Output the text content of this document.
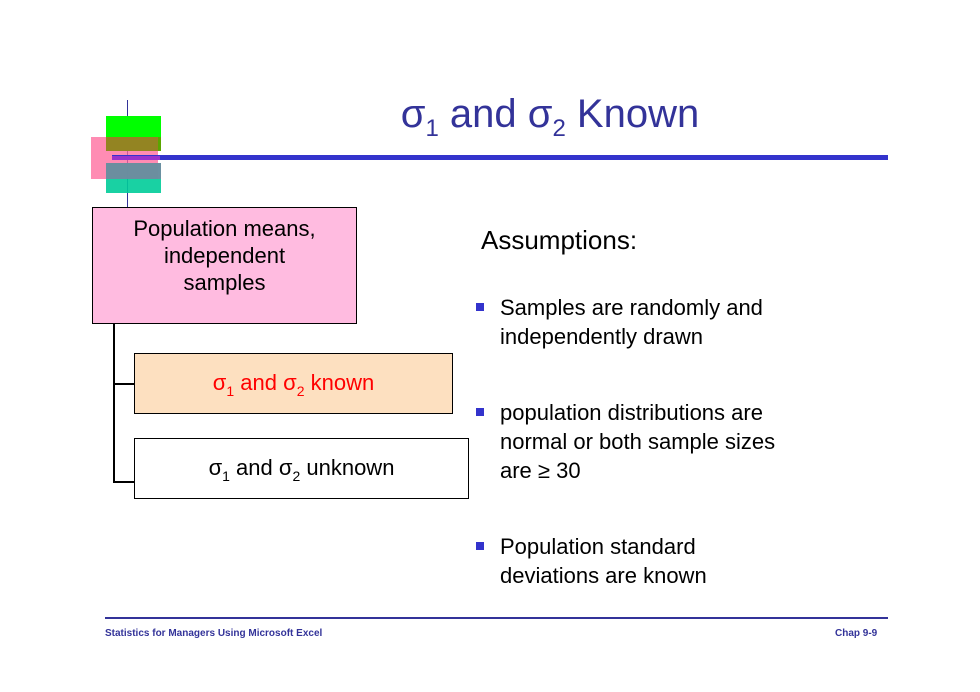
$\sigma_1$ and $\sigma_2$ Known
Population means,
independent
samples
$\sigma_1$ and $\sigma_2$ known
$\sigma_1$ and $\sigma_2$ unknown
Assumptions:
Samples are randomly and
independently drawn
population distributions are
normal or both sample sizes
are ≥ 30
Population standard
deviations are known
Statistics for Managers Using Microsoft Excel	Chap 9-9
